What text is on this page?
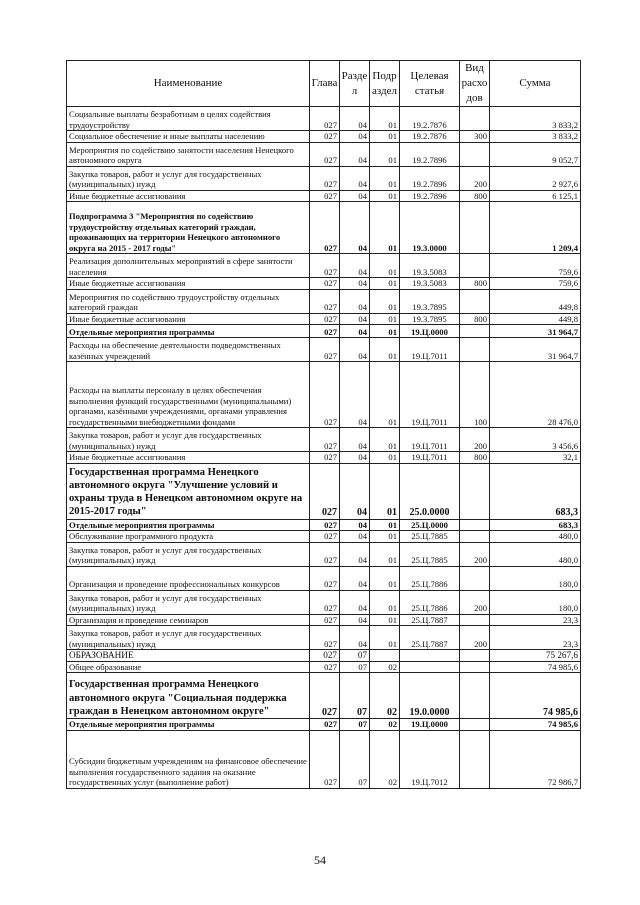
Наименование	Глава	Разде л	Подр аздел	Целевая статья	Вид расхо дов	Сумма
Социальные выплаты безработным в целях содействия трудоустройству	027	04	01	19.2.7876		3 833,2
Социальное обеспечение и иные выплаты населению	027	04	01	19.2.7876	300	3 833,2
Мероприятия по содействию занятости населения Ненецкого автономного округа	027	04	01	19.2.7896		9 052,7
Закупка товаров, работ и услуг для государственных (муниципальных) нужд	027	04	01	19.2.7896	200	2 927,6
Иные бюджетные ассигнования	027	04	01	19.2.7896	800	6 125,1
Подпрограмма 3 "Мероприятия по содействию трудоустройству отдельных категорий граждан, проживающих на территории Ненецкого автономного округа на 2015 - 2017 годы"	027	04	01	19.3.0000		1 209,4
Реализация дополнительных мероприятий в сфере занятости населения	027	04	01	19.3.5083		759,6
Иные бюджетные ассигнования	027	04	01	19.3.5083	800	759,6
Мероприятия по содействию трудоустройству отдельных категорий граждан	027	04	01	19.3.7895		449,8
Иные бюджетные ассигнования	027	04	01	19.3.7895	800	449,8
Отдельные мероприятия программы	027	04	01	19.Ц.0000		31 964,7
Расходы на обеспечение деятельности подведомственных казённых учреждений	027	04	01	19.Ц.7011		31 964,7
Расходы на выплаты персоналу в целях обеспечения выполнения функций государственными (муниципальными) органами, казёнными учреждениями, органами управления государственными внебюджетными фондами	027	04	01	19.Ц.7011	100	28 476,0
Закупка товаров, работ и услуг для государственных (муниципальных) нужд	027	04	01	19.Ц.7011	200	3 456,6
Иные бюджетные ассигнования	027	04	01	19.Ц.7011	800	32,1
Государственная программа Ненецкого автономного округа "Улучшение условий и охраны труда в Ненецком автономном округе на 2015-2017 годы"	027	04	01	25.0.0000		683,3
Отдельные мероприятия программы	027	04	01	25.Ц.0000		683,3
Обслуживание программного продукта	027	04	01	25.Ц.7885		480,0
Закупка товаров, работ и услуг для государственных (муниципальных) нужд	027	04	01	25.Ц.7885	200	480,0
Организация и проведение профессиональных конкурсов	027	04	01	25.Ц.7886		180,0
Закупка товаров, работ и услуг для государственных (муниципальных) нужд	027	04	01	25.Ц.7886	200	180,0
Организация и проведение семинаров	027	04	01	25.Ц.7887		23,3
Закупка товаров, работ и услуг для государственных (муниципальных) нужд	027	04	01	25.Ц.7887	200	23,3
ОБРАЗОВАНИЕ	027	07				75 267,6
Общее образование	027	07	02			74 985,6
Государственная программа Ненецкого автономного округа "Социальная поддержка граждан в Ненецком автономном округе"	027	07	02	19.0.0000		74 985,6
Отдельные мероприятия программы	027	07	02	19.Ц.0000		74 985,6
Субсидии бюджетным учреждениям на финансовое обеспечение выполнения государственного задания на оказание государственных услуг (выполнение работ)	027	07	02	19.Ц.7012		72 986,7
54
